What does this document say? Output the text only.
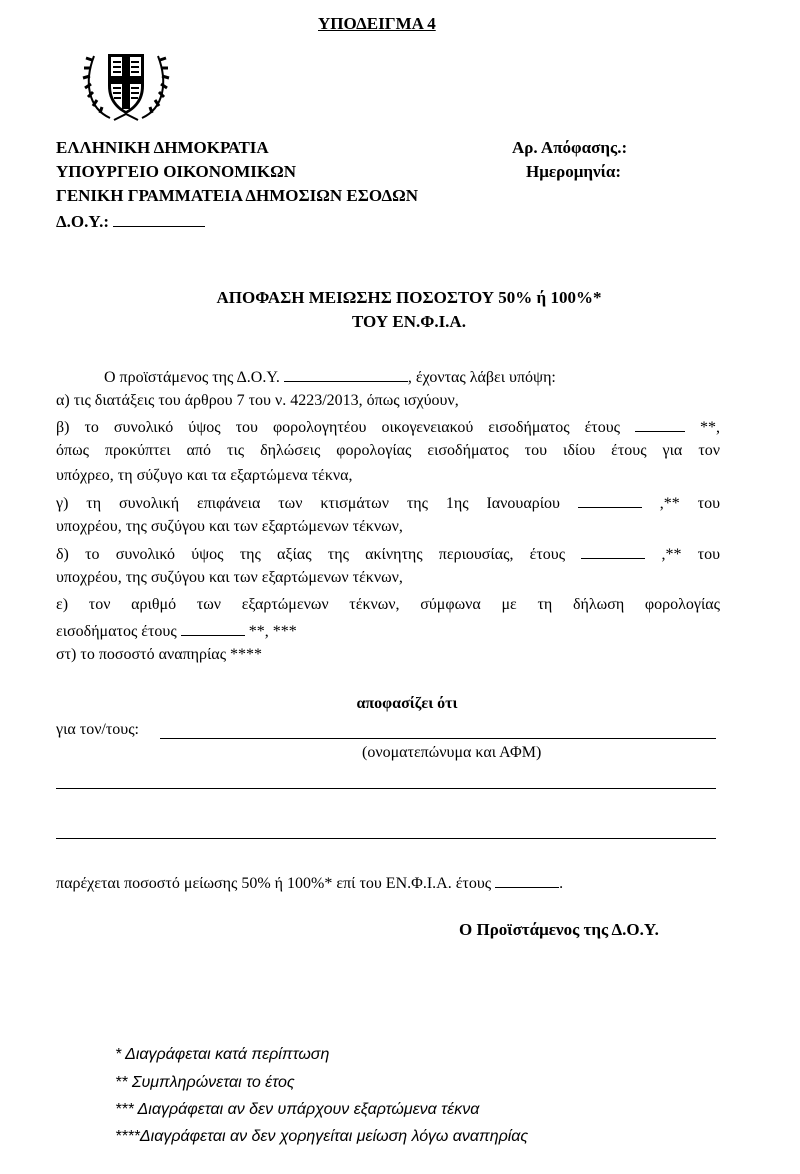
ΥΠΟΔΕΙΓΜΑ 4
ΕΛΛΗΝΙΚΗ ΔΗΜΟΚΡΑΤΙΑ
ΥΠΟΥΡΓΕΙΟ ΟΙΚΟΝΟΜΙΚΩΝ
ΓΕΝΙΚΗ ΓΡΑΜΜΑΤΕΙΑ ΔΗΜΟΣΙΩΝ ΕΣΟΔΩΝ
Δ.Ο.Υ.:
Αρ. Απόφασης.:
Ημερομηνία:
ΑΠΟΦΑΣΗ ΜΕΙΩΣΗΣ ΠΟΣΟΣΤΟΥ 50% ή 100%*
ΤΟΥ ΕΝ.Φ.Ι.Α.
Ο προϊστάμενος της Δ.Ο.Υ.	, έχοντας λάβει υπόψη:
α) τις διατάξεις του άρθρου 7 του ν. 4223/2013, όπως ισχύουν,
β) το συνολικό ύψος του φορολογητέου οικογενειακού εισοδήματος έτους	**,
όπως προκύπτει από τις δηλώσεις φορολογίας εισοδήματος του ιδίου έτους για τον
υπόχρεο, τη σύζυγο και τα εξαρτώμενα τέκνα,
γ) τη συνολική επιφάνεια των κτισμάτων της 1ης Ιανουαρίου	,** του
υποχρέου, της συζύγου και των εξαρτώμενων τέκνων,
δ) το συνολικό ύψος της αξίας της ακίνητης περιουσίας, έτους	,** του
υποχρέου, της συζύγου και των εξαρτώμενων τέκνων,
ε) τον αριθμό των εξαρτώμενων τέκνων, σύμφωνα με τη δήλωση φορολογίας
εισοδήματος έτους	**, ***
στ) το ποσοστό αναπηρίας ****
αποφασίζει ότι
για τον/τους:
(ονοματεπώνυμα και ΑΦΜ)
παρέχεται ποσοστό μείωσης 50% ή 100%* επί του ΕΝ.Φ.Ι.Α. έτους	.
Ο Προϊστάμενος της Δ.Ο.Υ.
* Διαγράφεται κατά περίπτωση
** Συμπληρώνεται το έτος
*** Διαγράφεται αν δεν υπάρχουν εξαρτώμενα τέκνα
****Διαγράφεται αν δεν χορηγείται μείωση λόγω αναπηρίας
